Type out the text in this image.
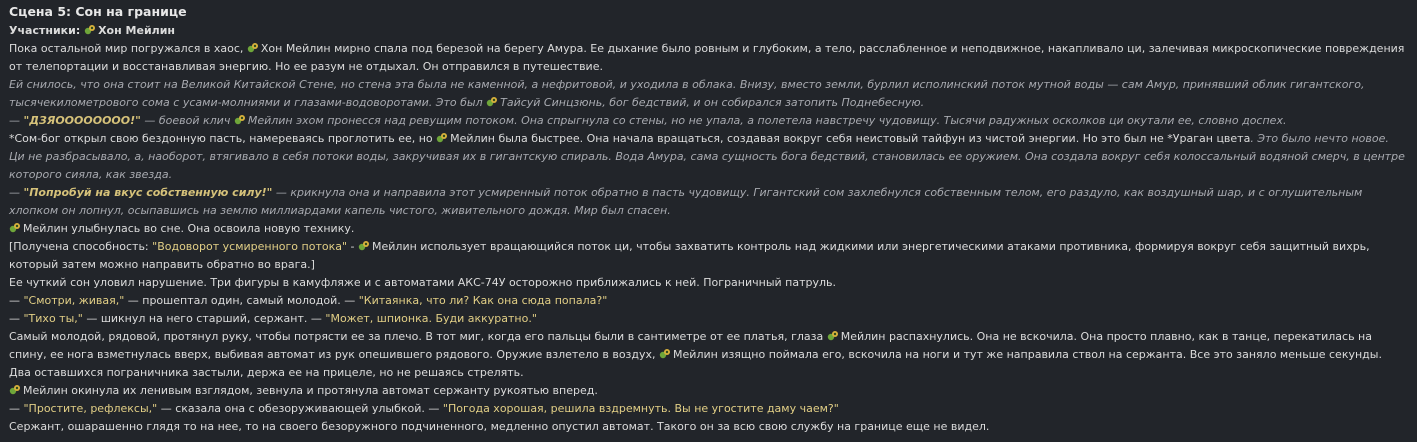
Сцена 5: Сон на границе

Участники: Хон Мейлин

Пока остальной мир погружался в хаос, Хон Мейлин мирно спала под березой на берегу Амура. Ее дыхание было ровным и глубоким, а тело, расслабленное и неподвижное, накапливало ци, залечивая микроскопические повреждения от телепортации и восстанавливая энергию. Но ее разум не отдыхал. Он отправился в путешествие.

Ей снилось, что она стоит на Великой Китайской Стене, но стена эта была не каменной, а нефритовой, и уходила в облака. Внизу, вместо земли, бурлил исполинский поток мутной воды — сам Амур, принявший облик гигантского, тысячекилометрового сома с усами-молниями и глазами-водоворотами. Это был Тайсуй Синцзюнь, бог бедствий, и он собирался затопить Поднебесную.

— "ДЗЯОООООООО!" — боевой клич Мейлин эхом пронесся над ревущим потоком. Она спрыгнула со стены, но не упала, а полетела навстречу чудовищу. Тысячи радужных осколков ци окутали ее, словно доспех.

*Сом-бог открыл свою бездонную пасть, намереваясь проглотить ее, но Мейлин была быстрее. Она начала вращаться, создавая вокруг себя неистовый тайфун из чистой энергии. Но это был не *Ураган цвета. Это было нечто новое. Ци не разбрасывало, а, наоборот, втягивало в себя потоки воды, закручивая их в гигантскую спираль. Вода Амура, сама сущность бога бедствий, становилась ее оружием. Она создала вокруг себя колоссальный водяной смерч, в центре которого сияла, как звезда.

— "Попробуй на вкус собственную силу!" — крикнула она и направила этот усмиренный поток обратно в пасть чудовищу. Гигантский сом захлебнулся собственным телом, его раздуло, как воздушный шар, и с оглушительным хлопком он лопнул, осыпавшись на землю миллиардами капель чистого, живительного дождя. Мир был спасен.

Мейлин улыбнулась во сне. Она освоила новую технику.

[Получена способность: "Водоворот усмиренного потока" - Мейлин использует вращающийся поток ци, чтобы захватить контроль над жидкими или энергетическими атаками противника, формируя вокруг себя защитный вихрь, который затем можно направить обратно во врага.]

Ее чуткий сон уловил нарушение. Три фигуры в камуфляже и с автоматами АКС-74У осторожно приближались к ней. Пограничный патруль.

— "Смотри, живая," — прошептал один, самый молодой. — "Китаянка, что ли? Как она сюда попала?"

— "Тихо ты," — шикнул на него старший, сержант. — "Может, шпионка. Буди аккуратно."

Самый молодой, рядовой, протянул руку, чтобы потрясти ее за плечо. В тот миг, когда его пальцы были в сантиметре от ее платья, глаза Мейлин распахнулись. Она не вскочила. Она просто плавно, как в танце, перекатилась на спину, ее нога взметнулась вверх, выбивая автомат из рук опешившего рядового. Оружие взлетело в воздух, Мейлин изящно поймала его, вскочила на ноги и тут же направила ствол на сержанта. Все это заняло меньше секунды.

Два оставшихся пограничника застыли, держа ее на прицеле, но не решаясь стрелять.

Мейлин окинула их ленивым взглядом, зевнула и протянула автомат сержанту рукоятью вперед.

— "Простите, рефлексы," — сказала она с обезоруживающей улыбкой. — "Погода хорошая, решила вздремнуть. Вы не угостите даму чаем?"

Сержант, ошарашенно глядя то на нее, то на своего безоружного подчиненного, медленно опустил автомат. Такого он за всю свою службу на границе еще не видел.
